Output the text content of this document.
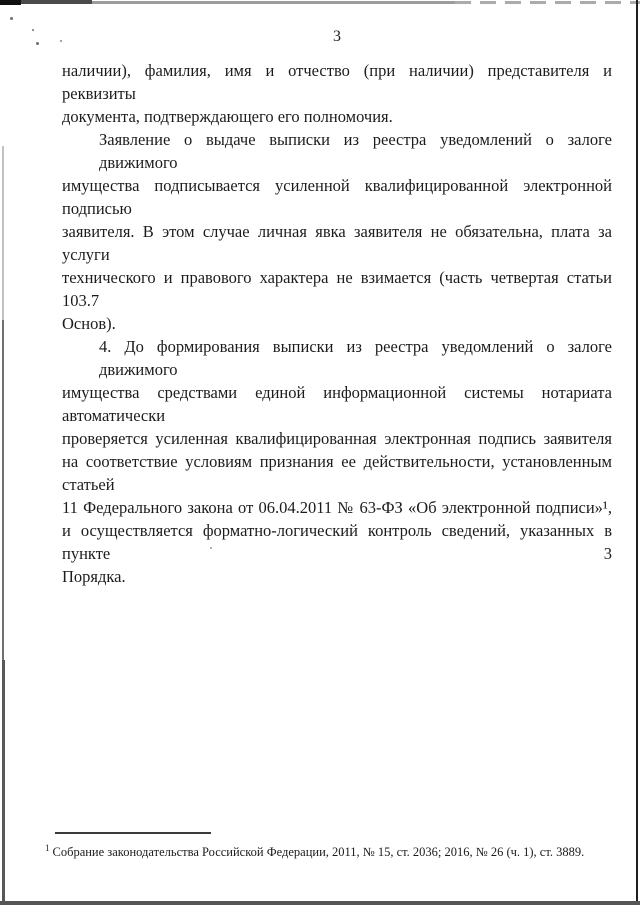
3
наличии), фамилия, имя и отчество (при наличии) представителя и реквизиты
документа, подтверждающего его полномочия.
Заявление о выдаче выписки из реестра уведомлений о залоге движимого
имущества подписывается усиленной квалифицированной электронной подписью
заявителя. В этом случае личная явка заявителя не обязательна, плата за услуги
технического и правового характера не взимается (часть четвертая статьи 103.7
Основ).
4. До формирования выписки из реестра уведомлений о залоге движимого
имущества средствами единой информационной системы нотариата автоматически
проверяется усиленная квалифицированная электронная подпись заявителя
на соответствие условиям признания ее действительности, установленным статьей
11 Федерального закона от 06.04.2011 № 63-ФЗ «Об электронной подписи»¹,
и осуществляется форматно-логический контроль сведений, указанных в пункте 3
Порядка.
$^1$ Собрание законодательства Российской Федерации, 2011, № 15, ст. 2036; 2016, № 26 (ч. 1), ст. 3889.
